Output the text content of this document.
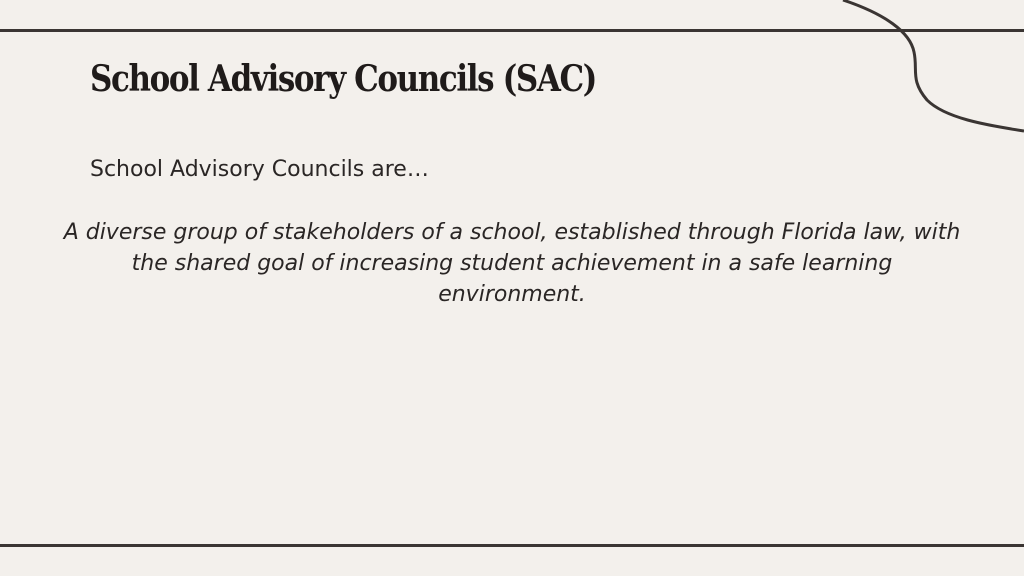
School Advisory Councils (SAC)

School Advisory Councils are…

A diverse group of stakeholders of a school, established through Florida law, with the shared goal of increasing student achievement in a safe learning environment.
